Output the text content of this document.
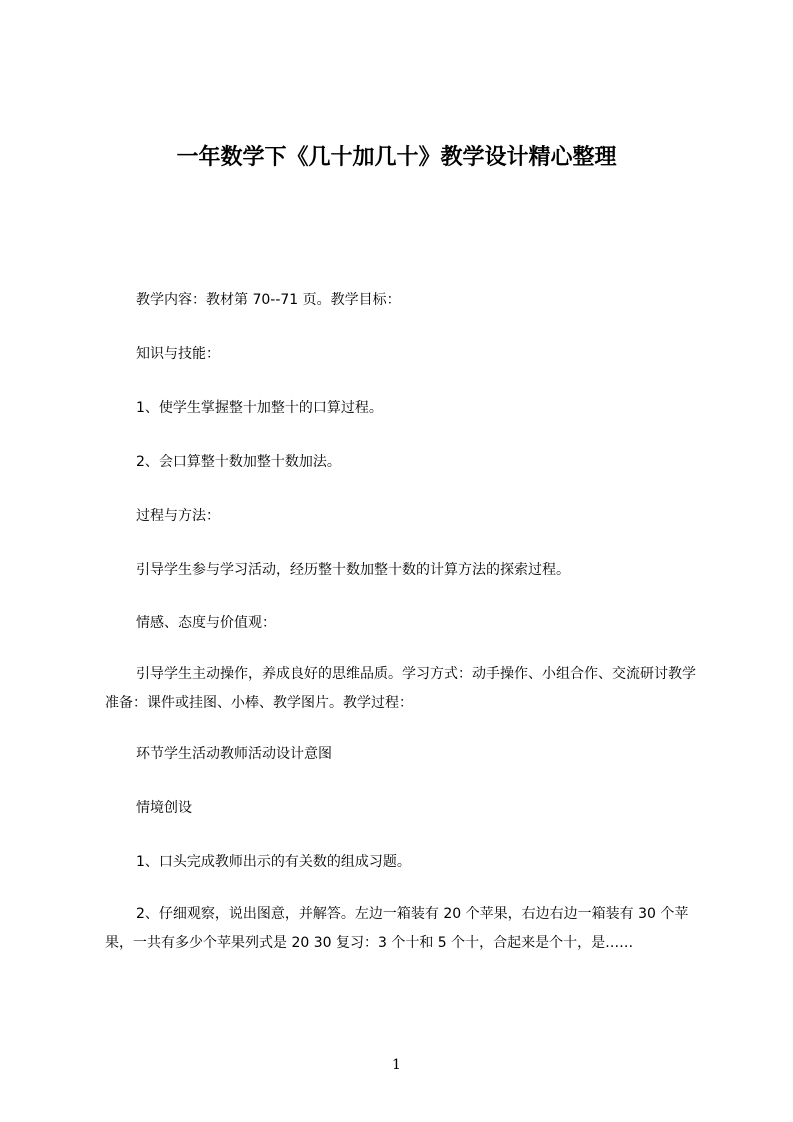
一年数学下《几十加几十》教学设计精心整理
教学内容：教材第 70--71 页。教学目标：
知识与技能：
1、使学生掌握整十加整十的口算过程。
2、会口算整十数加整十数加法。
过程与方法：
引导学生参与学习活动，经历整十数加整十数的计算方法的探索过程。
情感、态度与价值观：
引导学生主动操作，养成良好的思维品质。学习方式：动手操作、小组合作、交流研讨教学准备：课件或挂图、小棒、教学图片。教学过程：
环节学生活动教师活动设计意图
情境创设
1、口头完成教师出示的有关数的组成习题。
2、仔细观察，说出图意，并解答。左边一箱装有 20 个苹果，右边右边一箱装有 30 个苹果，一共有多少个苹果列式是 20 30 复习：3 个十和 5 个十，合起来是个十，是……
1
